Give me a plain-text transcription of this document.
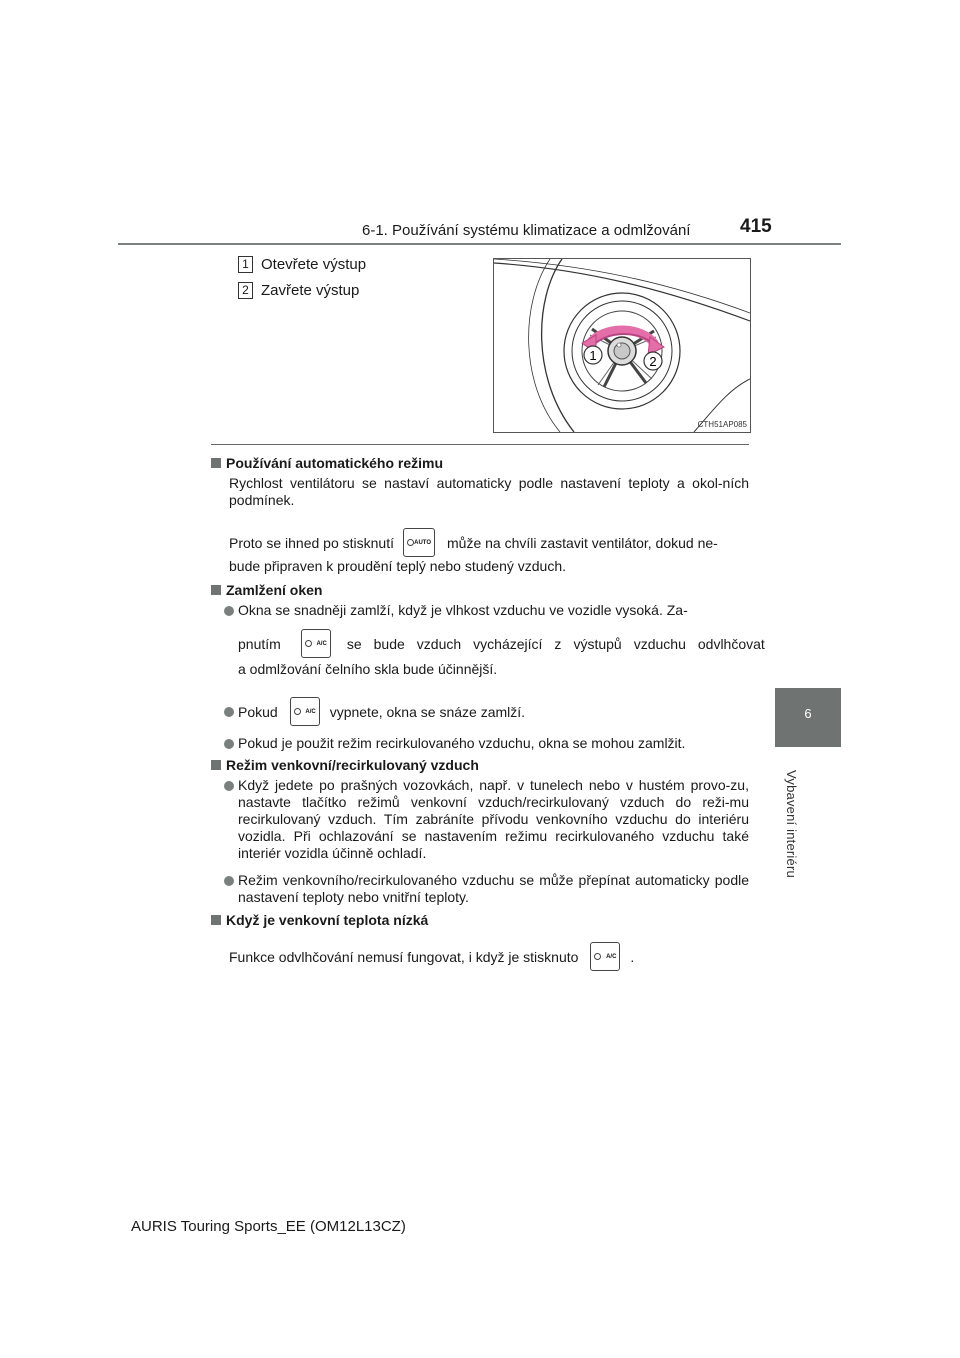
6-1. Používání systému klimatizace a odmlžování	415
6
Vybavení interiéru
1 Otevřete výstup
2 Zavřete výstup
1	2
CTH51AP085
Používání automatického režimu

Rychlost ventilátoru se nastaví automaticky podle nastavení teploty a okol-ních podmínek.

Proto se ihned po stisknutí	AUTO může na chvíli zastavit ventilátor, dokud ne-
bude připraven k proudění teplý nebo studený vzduch.
Zamlžení oken
Okna se snadněji zamlží, když je vlhkost vzduchu ve vozidle vysoká. Za-
pnutím	A/C se bude vzduch vycházející z výstupů vzduchu odvlhčovat
a odmlžování čelního skla bude účinnější.
Pokud	A/C vypnete, okna se snáze zamlží.
Pokud je použit režim recirkulovaného vzduchu, okna se mohou zamlžit.
Režim venkovní/recirkulovaný vzduch
Když jedete po prašných vozovkách, např. v tunelech nebo v hustém provo-zu, nastavte tlačítko režimů venkovní vzduch/recirkulovaný vzduch do reži-mu recirkulovaný vzduch. Tím zabráníte přívodu venkovního vzduchu do interiéru vozidla. Při ochlazování se nastavením režimu recirkulovaného vzduchu také interiér vozidla účinně ochladí.
Režim venkovního/recirkulovaného vzduchu se může přepínat automaticky podle nastavení teploty nebo vnitřní teploty.
Když je venkovní teplota nízká
Funkce odvlhčování nemusí fungovat, i když je stisknuto	A/C .
AURIS Touring Sports_EE (OM12L13CZ)
